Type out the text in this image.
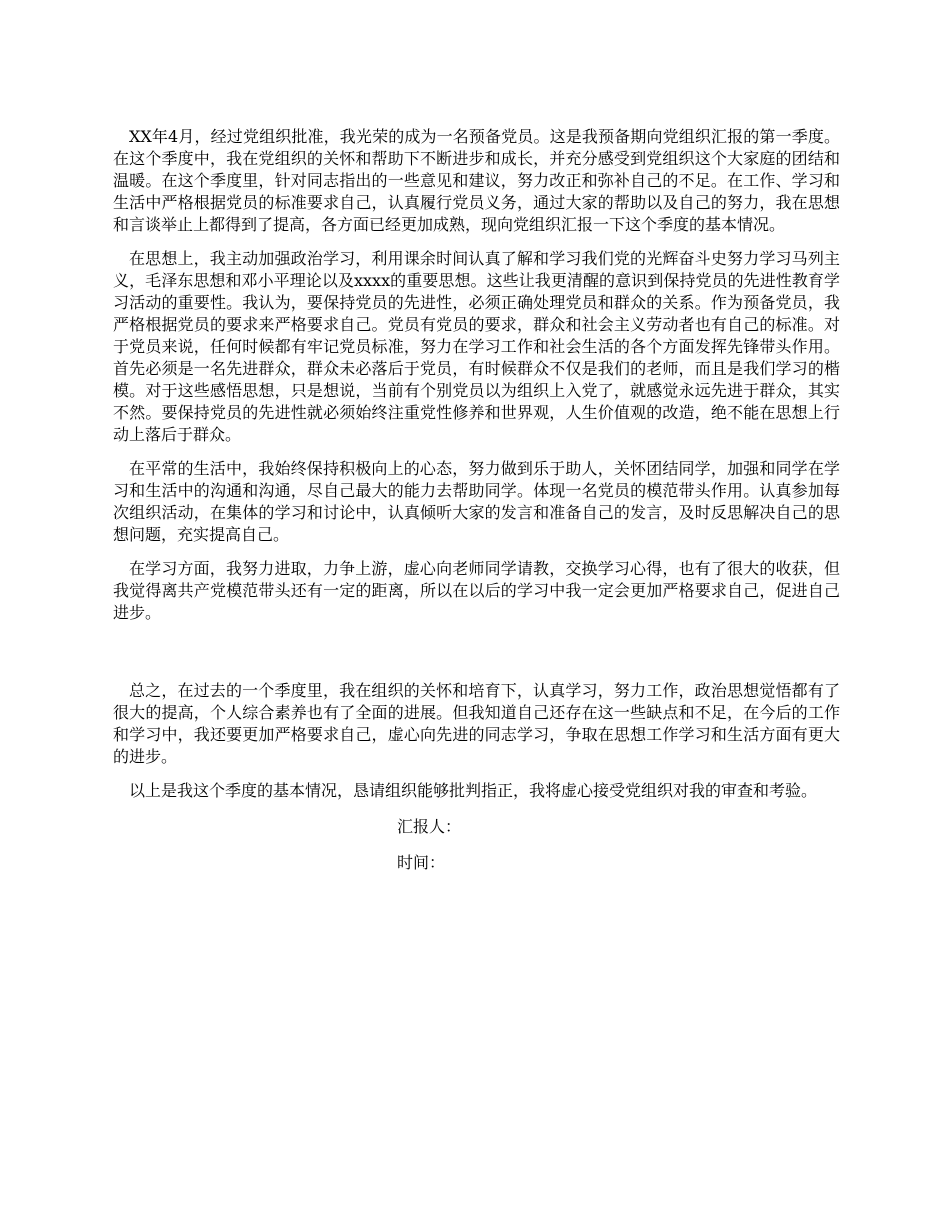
XX年4月，经过党组织批准，我光荣的成为一名预备党员。这是我预备期向党组织汇报的第一季度。在这个季度中，我在党组织的关怀和帮助下不断进步和成长，并充分感受到党组织这个大家庭的团结和温暖。在这个季度里，针对同志指出的一些意见和建议，努力改正和弥补自己的不足。在工作、学习和生活中严格根据党员的标准要求自己，认真履行党员义务，通过大家的帮助以及自己的努力，我在思想和言谈举止上都得到了提高，各方面已经更加成熟，现向党组织汇报一下这个季度的基本情况。

在思想上，我主动加强政治学习，利用课余时间认真了解和学习我们党的光辉奋斗史努力学习马列主义，毛泽东思想和邓小平理论以及xxxx的重要思想。这些让我更清醒的意识到保持党员的先进性教育学习活动的重要性。我认为，要保持党员的先进性，必须正确处理党员和群众的关系。作为预备党员，我严格根据党员的要求来严格要求自己。党员有党员的要求，群众和社会主义劳动者也有自己的标准。对于党员来说，任何时候都有牢记党员标准，努力在学习工作和社会生活的各个方面发挥先锋带头作用。首先必须是一名先进群众，群众未必落后于党员，有时候群众不仅是我们的老师，而且是我们学习的楷模。对于这些感悟思想，只是想说，当前有个别党员以为组织上入党了，就感觉永远先进于群众，其实不然。要保持党员的先进性就必须始终注重党性修养和世界观，人生价值观的改造，绝不能在思想上行动上落后于群众。

在平常的生活中，我始终保持积极向上的心态，努力做到乐于助人，关怀团结同学，加强和同学在学习和生活中的沟通和沟通，尽自己最大的能力去帮助同学。体现一名党员的模范带头作用。认真参加每次组织活动，在集体的学习和讨论中，认真倾听大家的发言和准备自己的发言，及时反思解决自己的思想问题，充实提高自己。

在学习方面，我努力进取，力争上游，虚心向老师同学请教，交换学习心得，也有了很大的收获，但我觉得离共产党模范带头还有一定的距离，所以在以后的学习中我一定会更加严格要求自己，促进自己进步。

总之，在过去的一个季度里，我在组织的关怀和培育下，认真学习，努力工作，政治思想觉悟都有了很大的提高，个人综合素养也有了全面的进展。但我知道自己还存在这一些缺点和不足，在今后的工作和学习中，我还要更加严格要求自己，虚心向先进的同志学习，争取在思想工作学习和生活方面有更大的进步。

以上是我这个季度的基本情况，恳请组织能够批判指正，我将虚心接受党组织对我的审查和考验。

汇报人：

时间：
